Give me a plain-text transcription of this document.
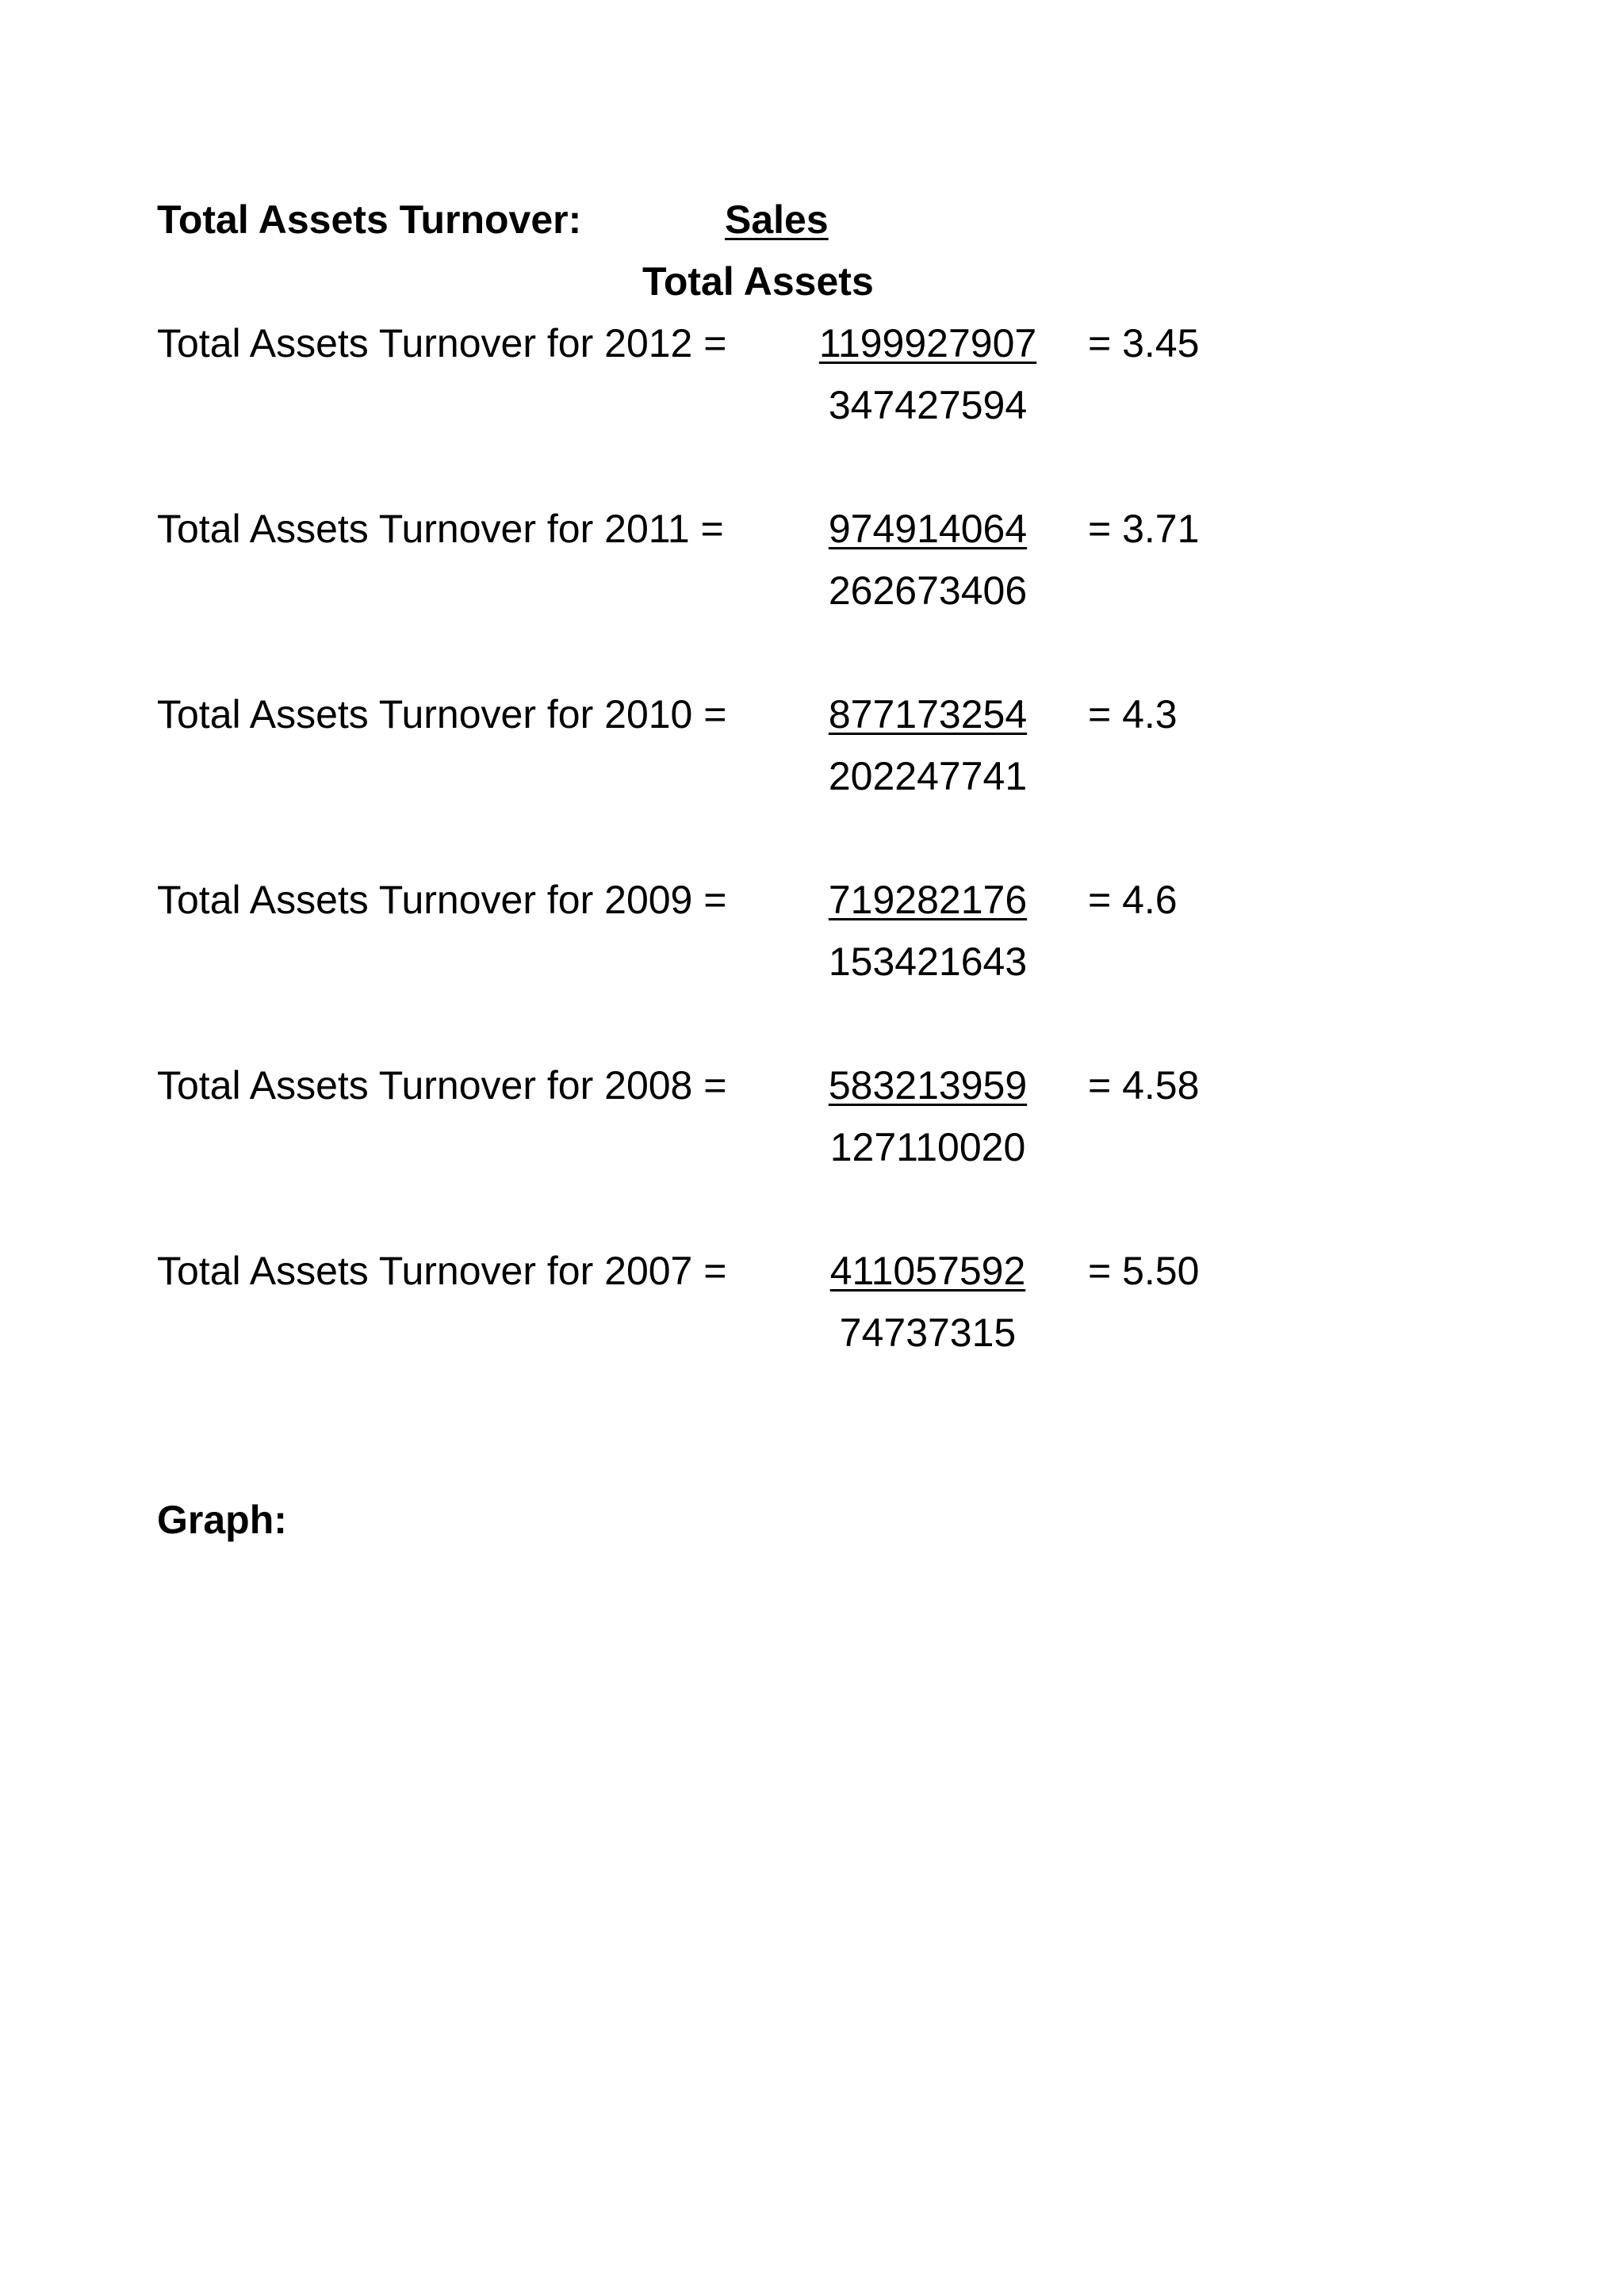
Total Assets Turnover:	Sales
Total Assets
Total Assets Turnover for 2012 = 1199927907
347427594
= 3.45
Total Assets Turnover for 2011 =	974914064
262673406
= 3.71
Total Assets Turnover for 2010 =	877173254
202247741
= 4.3
Total Assets Turnover for 2009 =	719282176
153421643
= 4.6
Total Assets Turnover for 2008 =	583213959
127110020
= 4.58
Total Assets Turnover for 2007 =	411057592
74737315
= 5.50
Graph:
